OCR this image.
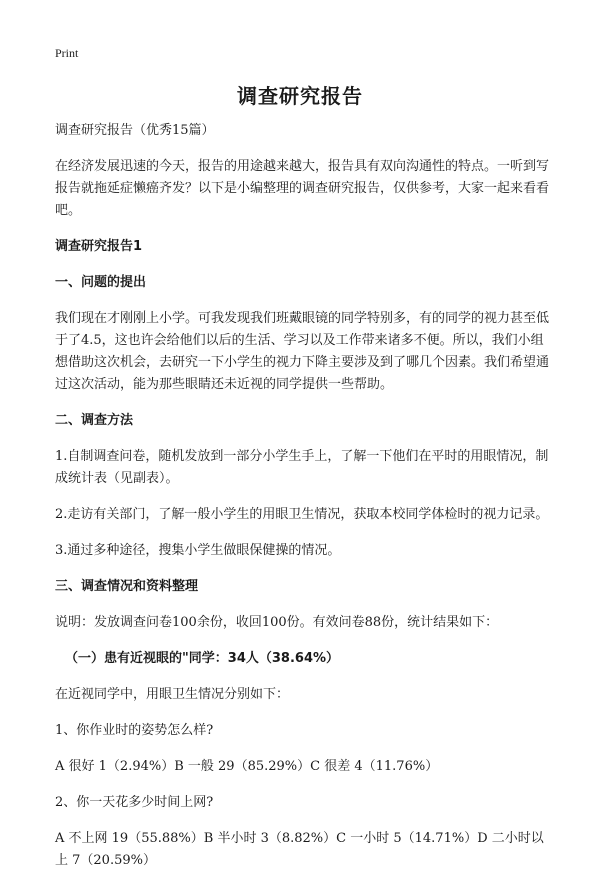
Print
调查研究报告

调查研究报告（优秀15篇）

在经济发展迅速的今天，报告的用途越来越大，报告具有双向沟通性的特点。一听到写报告就拖延症懒癌齐发？以下是小编整理的调查研究报告，仅供参考，大家一起来看看吧。

调查研究报告1

一、问题的提出

我们现在才刚刚上小学。可我发现我们班戴眼镜的同学特别多，有的同学的视力甚至低于了4.5，这也许会给他们以后的生活、学习以及工作带来诸多不便。所以，我们小组想借助这次机会，去研究一下小学生的视力下降主要涉及到了哪几个因素。我们希望通过这次活动，能为那些眼睛还未近视的同学提供一些帮助。

二、调查方法

1.自制调查问卷，随机发放到一部分小学生手上，了解一下他们在平时的用眼情况，制成统计表（见副表）。

2.走访有关部门，了解一般小学生的用眼卫生情况，获取本校同学体检时的视力记录。

3.通过多种途径，搜集小学生做眼保健操的情况。

三、调查情况和资料整理

说明：发放调查问卷100余份，收回100份。有效问卷88份，统计结果如下：

（一）患有近视眼的"同学：34人（38.64%）

在近视同学中，用眼卫生情况分别如下：

1、你作业时的姿势怎么样?

A 很好 1（2.94%）B 一般 29（85.29%）C 很差 4（11.76%）

2、你一天花多少时间上网?

A 不上网 19（55.88%）B 半小时 3（8.82%）C 一小时 5（14.71%）D 二小时以上 7（20.59%）
